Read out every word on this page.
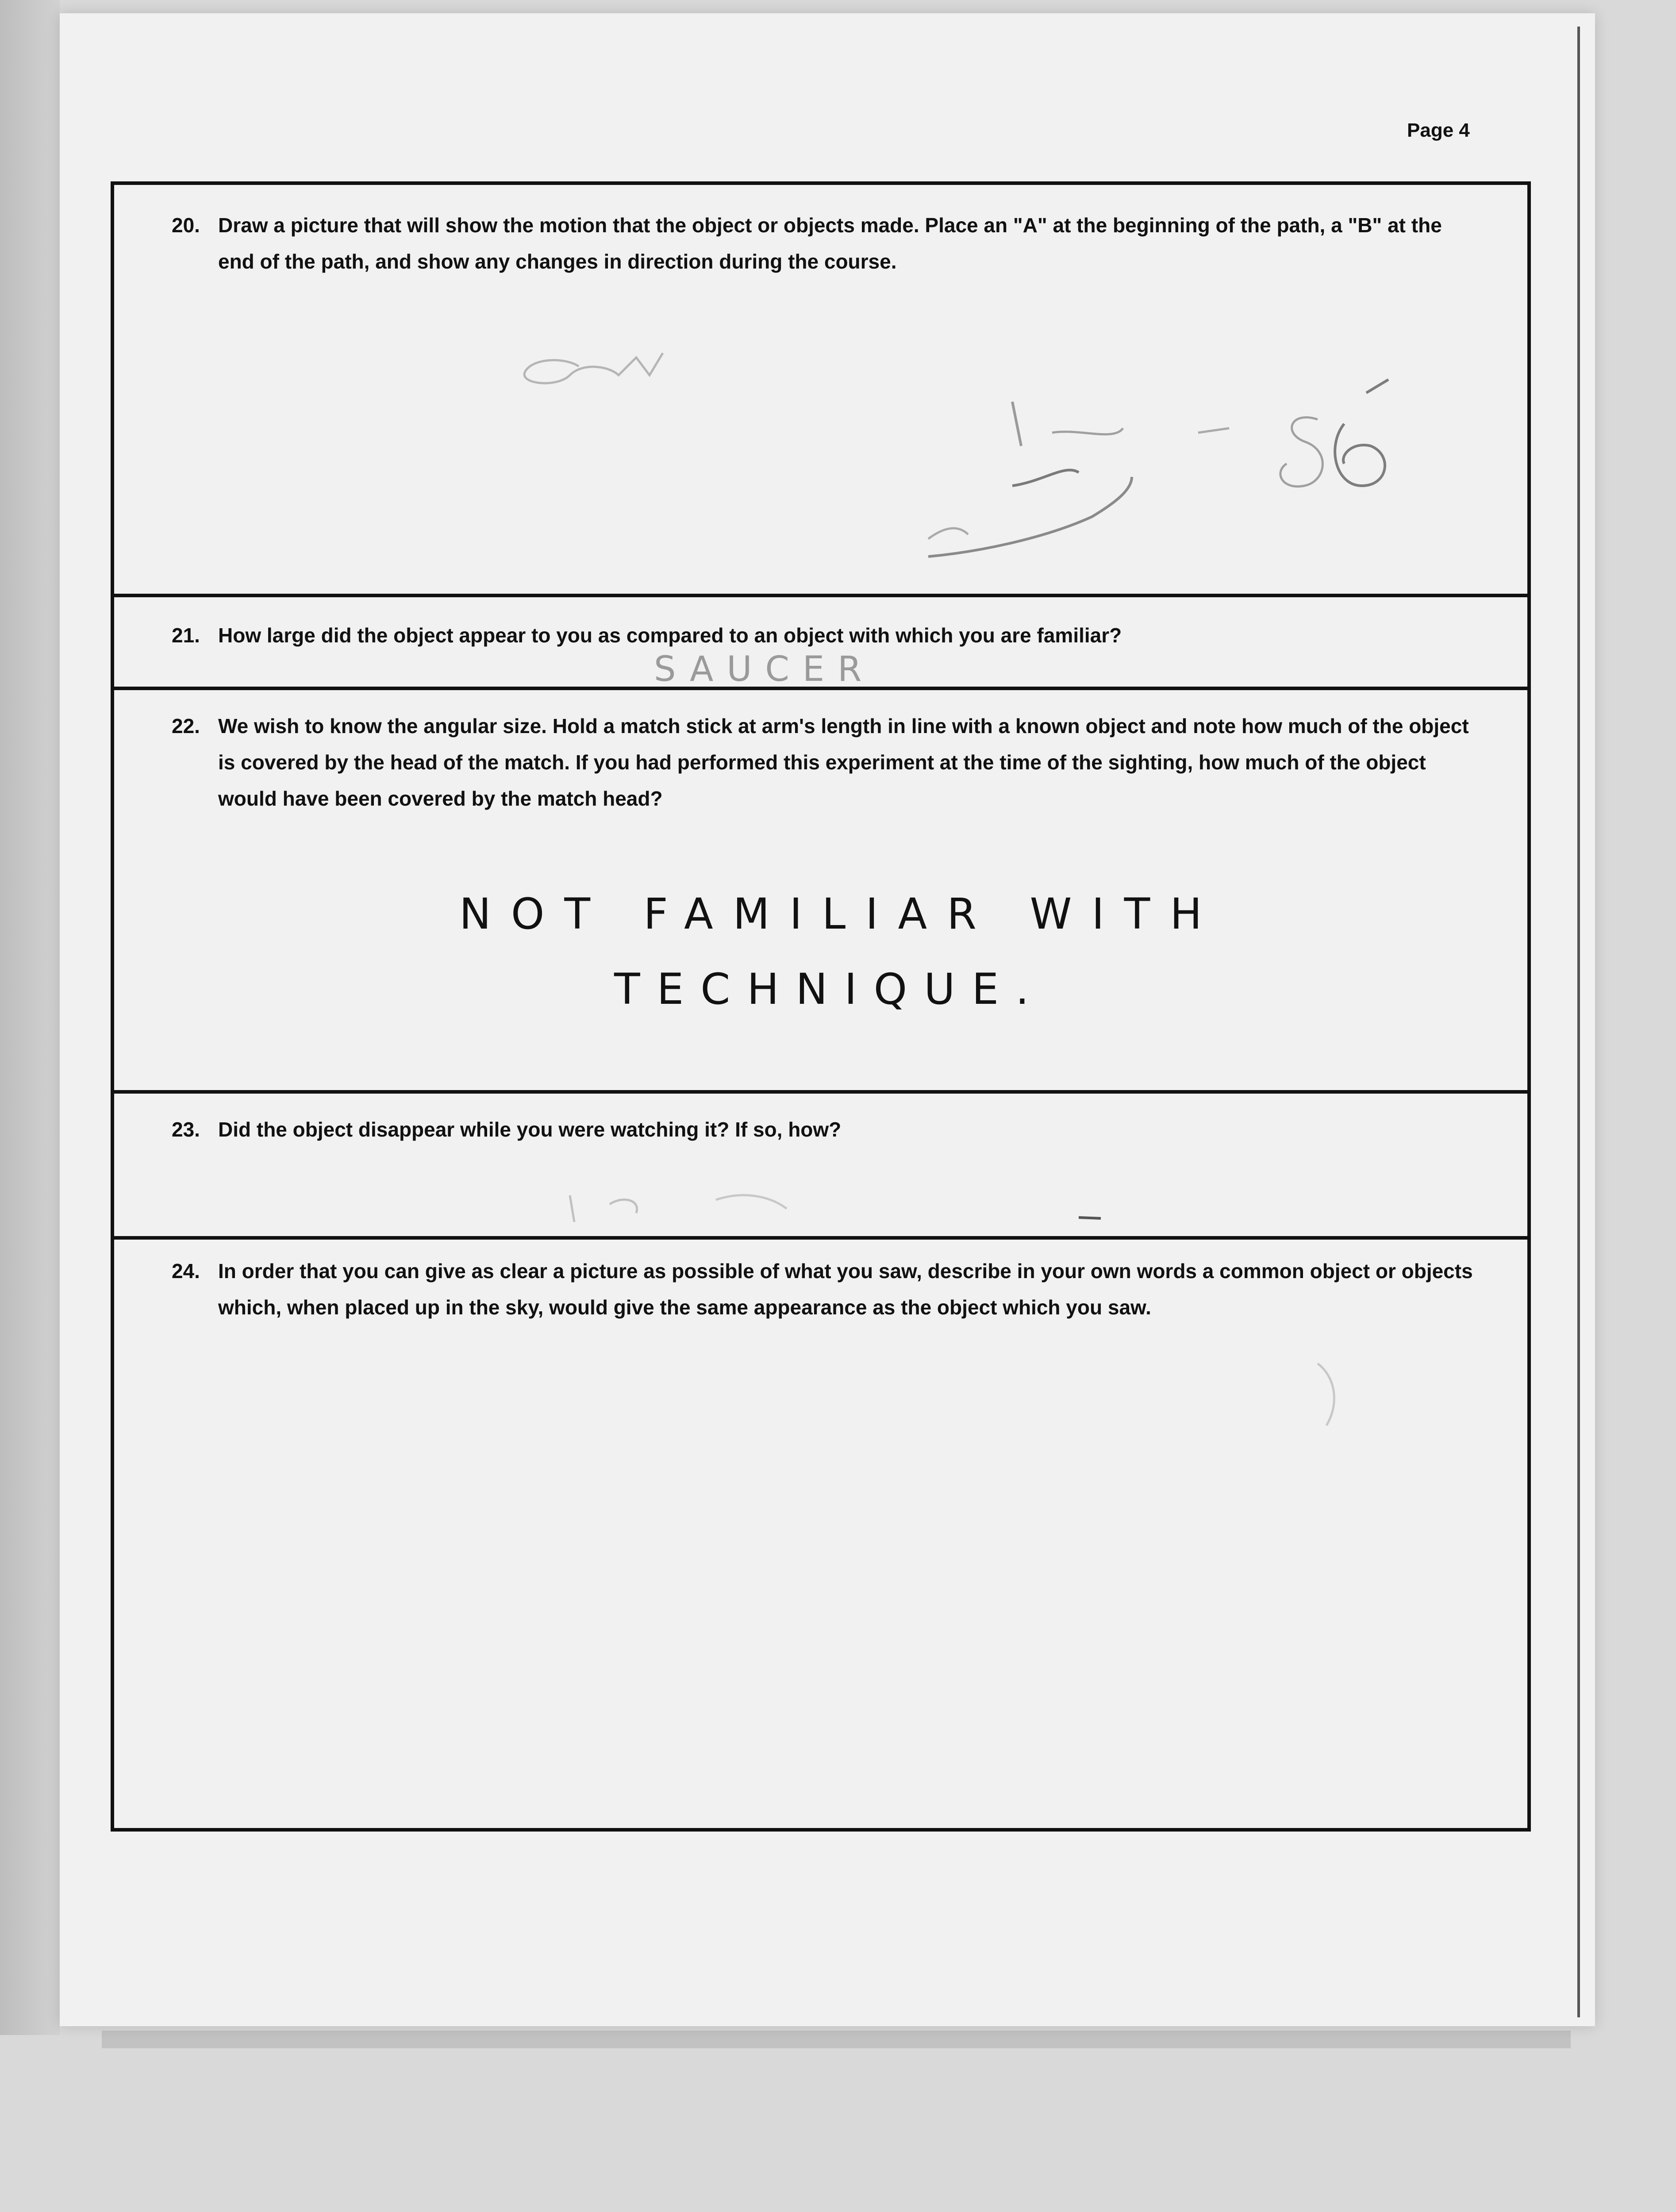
Page 4
20. Draw a picture that will show the motion that the object or objects made. Place an "A" at the beginning of the path, a "B" at the end of the path, and show any changes in direction during the course.
21. How large did the object appear to you as compared to an object with which you are familiar?
SAUCER
22. We wish to know the angular size. Hold a match stick at arm's length in line with a known object and note how much of the object is covered by the head of the match. If you had performed this experiment at the time of the sighting, how much of the object would have been covered by the match head?
NOT FAMILIAR WITH
TECHNIQUE.
23. Did the object disappear while you were watching it? If so, how?
24. In order that you can give as clear a picture as possible of what you saw, describe in your own words a common object or objects which, when placed up in the sky, would give the same appearance as the object which you saw.
